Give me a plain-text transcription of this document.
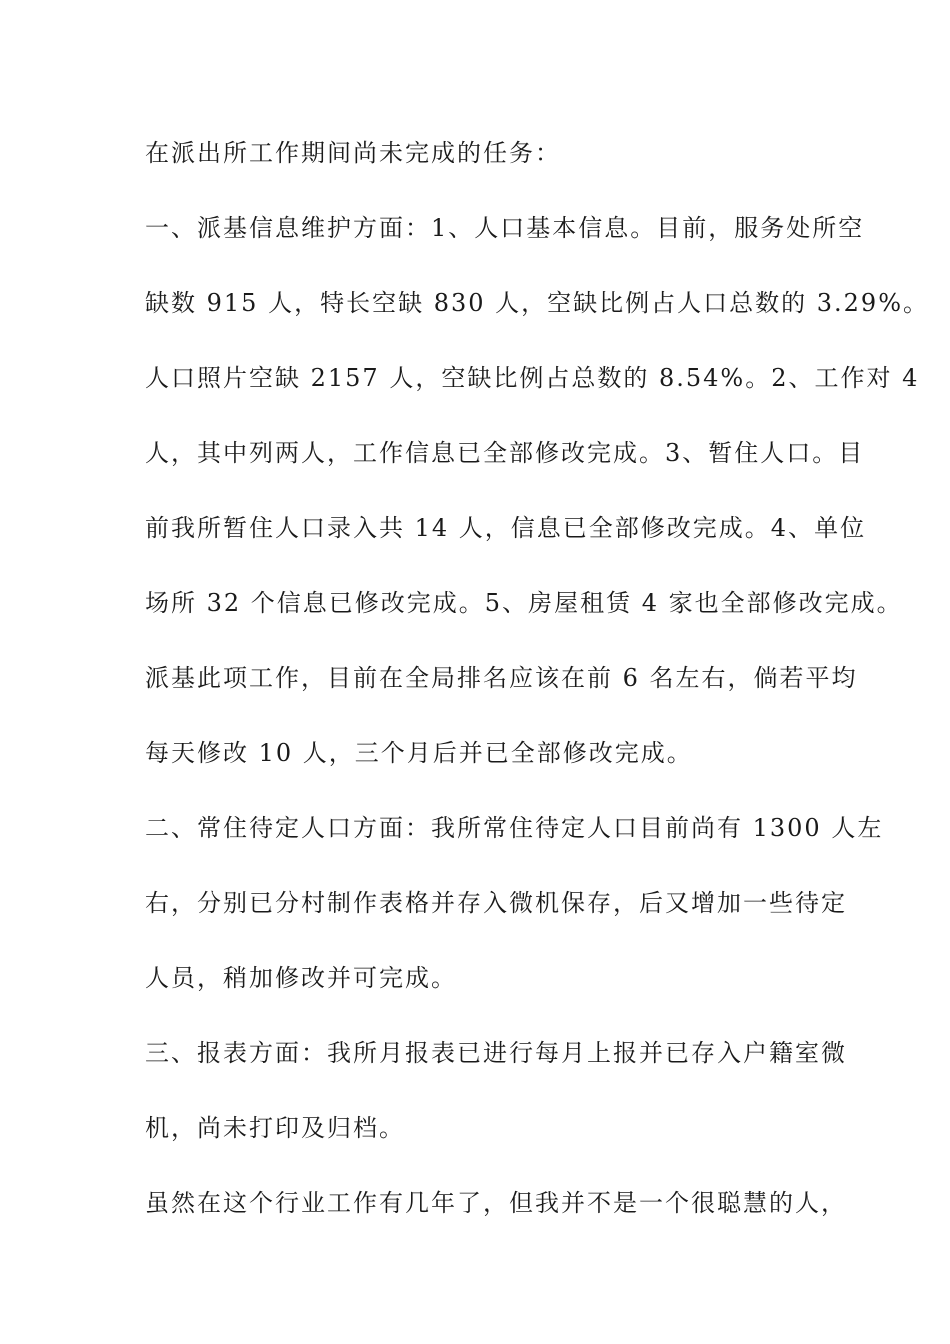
在派出所工作期间尚未完成的任务：
一、派基信息维护方面：1、人口基本信息。目前，服务处所空
缺数 915 人，特长空缺 830 人，空缺比例占人口总数的 3.29%。
人口照片空缺 2157 人，空缺比例占总数的 8.54%。2、工作对 4
人，其中列两人，工作信息已全部修改完成。3、暂住人口。目
前我所暂住人口录入共 14 人，信息已全部修改完成。4、单位
场所 32 个信息已修改完成。5、房屋租赁 4 家也全部修改完成。
派基此项工作，目前在全局排名应该在前 6 名左右，倘若平均
每天修改 10 人，三个月后并已全部修改完成。
二、常住待定人口方面：我所常住待定人口目前尚有 1300 人左
右，分别已分村制作表格并存入微机保存，后又增加一些待定
人员，稍加修改并可完成。
三、报表方面：我所月报表已进行每月上报并已存入户籍室微
机，尚未打印及归档。
虽然在这个行业工作有几年了，但我并不是一个很聪慧的人，
